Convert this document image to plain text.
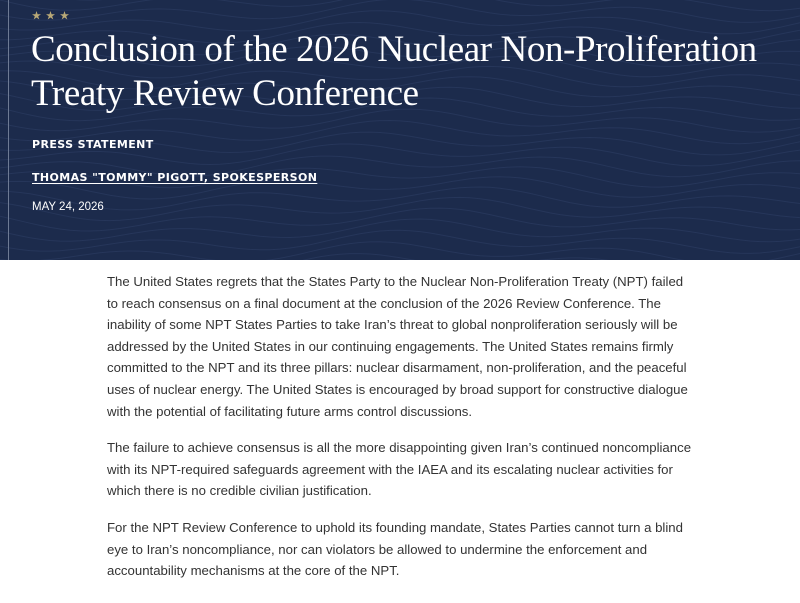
Conclusion of the 2026 Nuclear Non-Proliferation Treaty Review Conference
PRESS STATEMENT
THOMAS "TOMMY" PIGOTT, SPOKESPERSON
MAY 24, 2026

The United States regrets that the States Party to the Nuclear Non-Proliferation Treaty (NPT) failed to reach consensus on a final document at the conclusion of the 2026 Review Conference. The inability of some NPT States Parties to take Iran’s threat to global nonproliferation seriously will be addressed by the United States in our continuing engagements. The United States remains firmly committed to the NPT and its three pillars: nuclear disarmament, non-proliferation, and the peaceful uses of nuclear energy. The United States is encouraged by broad support for constructive dialogue with the potential of facilitating future arms control discussions.

The failure to achieve consensus is all the more disappointing given Iran’s continued noncompliance with its NPT-required safeguards agreement with the IAEA and its escalating nuclear activities for which there is no credible civilian justification.

For the NPT Review Conference to uphold its founding mandate, States Parties cannot turn a blind eye to Iran’s noncompliance, nor can violators be allowed to undermine the enforcement and accountability mechanisms at the core of the NPT.
